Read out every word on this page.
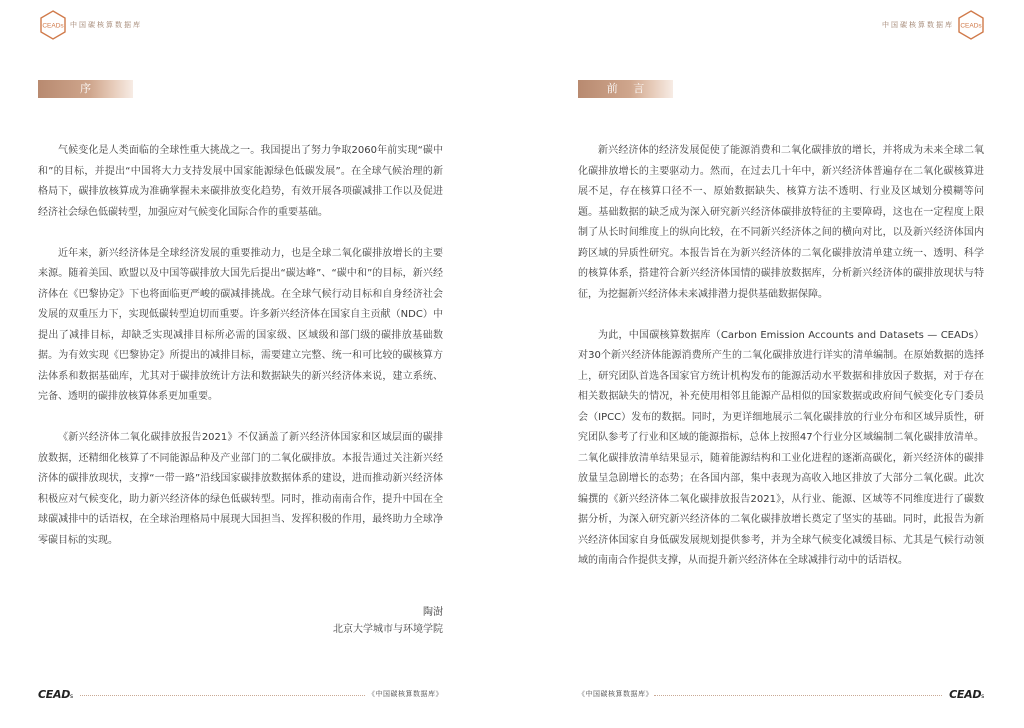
CEADs 中国碳核算数据库
序

气候变化是人类面临的全球性重大挑战之一。我国提出了努力争取2060年前实现“碳中和”的目标，并提出“中国将大力支持发展中国家能源绿色低碳发展”。在全球气候治理的新格局下，碳排放核算成为准确掌握未来碳排放变化趋势，有效开展各项碳减排工作以及促进经济社会绿色低碳转型，加强应对气候变化国际合作的重要基础。

近年来，新兴经济体是全球经济发展的重要推动力，也是全球二氧化碳排放增长的主要来源。随着美国、欧盟以及中国等碳排放大国先后提出“碳达峰”、“碳中和”的目标，新兴经济体在《巴黎协定》下也将面临更严峻的碳减排挑战。在全球气候行动目标和自身经济社会发展的双重压力下，实现低碳转型迫切而重要。许多新兴经济体在国家自主贡献（NDC）中提出了减排目标，却缺乏实现减排目标所必需的国家级、区域级和部门级的碳排放基础数据。为有效实现《巴黎协定》所提出的减排目标，需要建立完整、统一和可比较的碳核算方法体系和数据基础库，尤其对于碳排放统计方法和数据缺失的新兴经济体来说，建立系统、完备、透明的碳排放核算体系更加重要。

《新兴经济体二氧化碳排放报告2021》不仅涵盖了新兴经济体国家和区域层面的碳排放数据，还精细化核算了不同能源品种及产业部门的二氧化碳排放。本报告通过关注新兴经济体的碳排放现状，支撑“一带一路”沿线国家碳排放数据体系的建设，进而推动新兴经济体积极应对气候变化，助力新兴经济体的绿色低碳转型。同时，推动南南合作，提升中国在全球碳减排中的话语权，在全球治理格局中展现大国担当、发挥积极的作用，最终助力全球净零碳目标的实现。

陶澍
北京大学城市与环境学院
CEADs	《中国碳核算数据库》
CEADs
中国碳核算数据库
前 言

新兴经济体的经济发展促使了能源消费和二氧化碳排放的增长，并将成为未来全球二氧化碳排放增长的主要驱动力。然而，在过去几十年中，新兴经济体普遍存在二氧化碳核算进展不足，存在核算口径不一、原始数据缺失、核算方法不透明、行业及区域划分模糊等问题。基础数据的缺乏成为深入研究新兴经济体碳排放特征的主要障碍，这也在一定程度上限制了从长时间维度上的纵向比较，在不同新兴经济体之间的横向对比，以及新兴经济体国内跨区域的异质性研究。本报告旨在为新兴经济体的二氧化碳排放清单建立统一、透明、科学的核算体系，搭建符合新兴经济体国情的碳排放数据库，分析新兴经济体的碳排放现状与特征，为挖掘新兴经济体未来减排潜力提供基础数据保障。

为此，中国碳核算数据库（Carbon Emission Accounts and Datasets — CEADs）对30个新兴经济体能源消费所产生的二氧化碳排放进行详实的清单编制。在原始数据的选择上，研究团队首选各国家官方统计机构发布的能源活动水平数据和排放因子数据，对于存在相关数据缺失的情况，补充使用相邻且能源产品相似的国家数据或政府间气候变化专门委员会（IPCC）发布的数据。同时，为更详细地展示二氧化碳排放的行业分布和区域异质性，研究团队参考了行业和区域的能源指标，总体上按照47个行业分区域编制二氧化碳排放清单。二氧化碳排放清单结果显示，随着能源结构和工业化进程的逐渐高碳化，新兴经济体的碳排放量呈急剧增长的态势；在各国内部，集中表现为高收入地区排放了大部分二氧化碳。此次编撰的《新兴经济体二氧化碳排放报告2021》，从行业、能源、区域等不同维度进行了碳数据分析，为深入研究新兴经济体的二氧化碳排放增长奠定了坚实的基础。同时，此报告为新兴经济体国家自身低碳发展规划提供参考，并为全球气候变化减缓目标、尤其是气候行动领域的南南合作提供支撑，从而提升新兴经济体在全球减排行动中的话语权。

《中国碳核算数据库》	CEADs
